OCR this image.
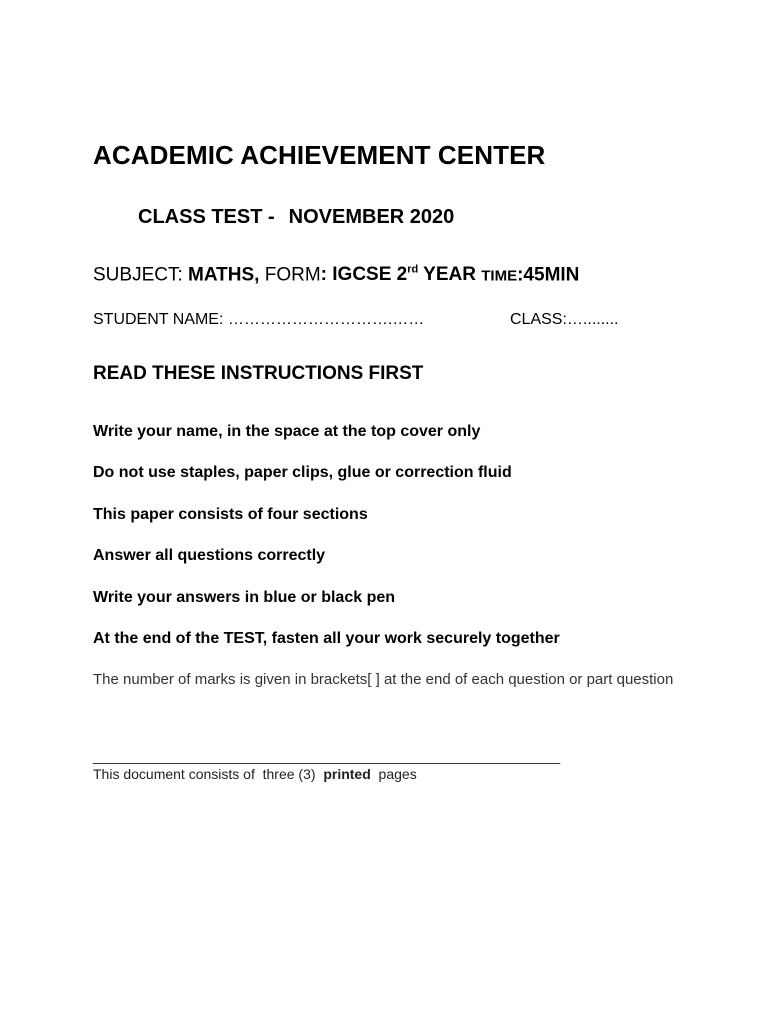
ACADEMIC ACHIEVEMENT CENTER
CLASS TEST - NOVEMBER 2020
SUBJECT: MATHS, FORM: IGCSE 2rd YEAR TIME:45MIN
STUDENT NAME: ………………………….……	CLASS:…........
READ THESE INSTRUCTIONS FIRST
Write your name, in the space at the top cover only
Do not use staples, paper clips, glue or correction fluid
This paper consists of four sections
Answer all questions correctly
Write your answers in blue or black pen
At the end of the TEST, fasten all your work securely together
The number of marks is given in brackets[ ] at the end of each question or part question
____________________________________________________________
This document consists of  three (3)  printed  pages
